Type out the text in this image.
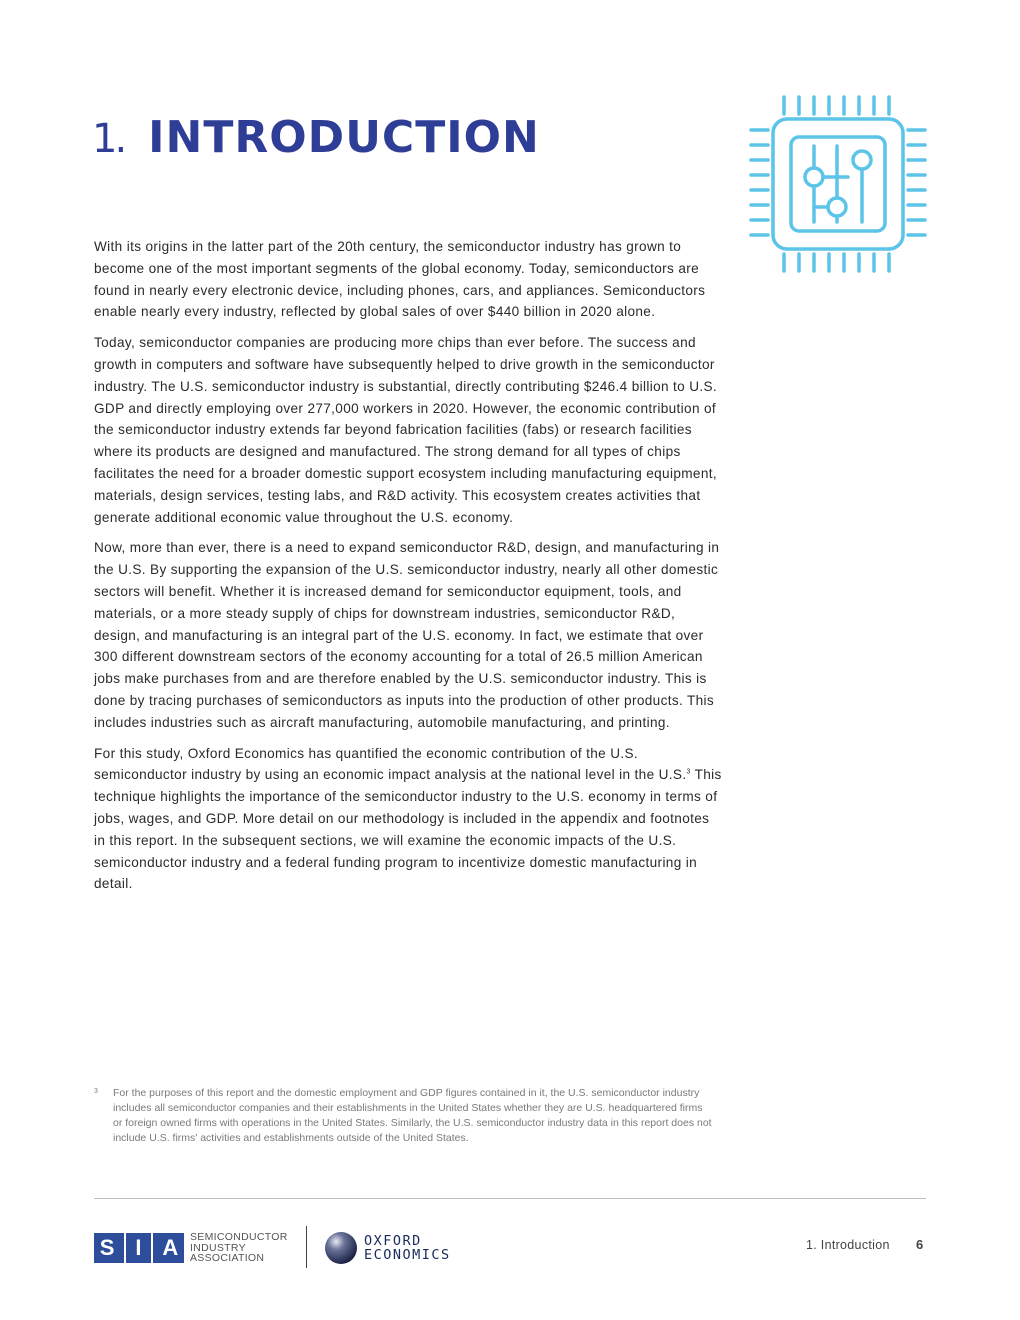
1. INTRODUCTION

With its origins in the latter part of the 20th century, the semiconductor industry has grown to become one of the most important segments of the global economy. Today, semiconductors are found in nearly every electronic device, including phones, cars, and appliances. Semiconductors enable nearly every industry, reflected by global sales of over $440 billion in 2020 alone.

Today, semiconductor companies are producing more chips than ever before. The success and growth in computers and software have subsequently helped to drive growth in the semiconductor industry. The U.S. semiconductor industry is substantial, directly contributing $246.4 billion to U.S. GDP and directly employing over 277,000 workers in 2020. However, the economic contribution of the semiconductor industry extends far beyond fabrication facilities (fabs) or research facilities where its products are designed and manufactured. The strong demand for all types of chips facilitates the need for a broader domestic support ecosystem including manufacturing equipment, materials, design services, testing labs, and R&D activity. This ecosystem creates activities that generate additional economic value throughout the U.S. economy.

Now, more than ever, there is a need to expand semiconductor R&D, design, and manufacturing in the U.S. By supporting the expansion of the U.S. semiconductor industry, nearly all other domestic sectors will benefit. Whether it is increased demand for semiconductor equipment, tools, and materials, or a more steady supply of chips for downstream industries, semiconductor R&D, design, and manufacturing is an integral part of the U.S. economy. In fact, we estimate that over 300 different downstream sectors of the economy accounting for a total of 26.5 million American jobs make purchases from and are therefore enabled by the U.S. semiconductor industry. This is done by tracing purchases of semiconductors as inputs into the production of other products. This includes industries such as aircraft manufacturing, automobile manufacturing, and printing.

For this study, Oxford Economics has quantified the economic contribution of the U.S. semiconductor industry by using an economic impact analysis at the national level in the U.S.$^3$ This technique highlights the importance of the semiconductor industry to the U.S. economy in terms of jobs, wages, and GDP. More detail on our methodology is included in the appendix and footnotes in this report. In the subsequent sections, we will examine the economic impacts of the U.S. semiconductor industry and a federal funding program to incentivize domestic manufacturing in detail.

3 For the purposes of this report and the domestic employment and GDP figures contained in it, the U.S. semiconductor industry includes all semiconductor companies and their establishments in the United States whether they are U.S. headquartered firms or foreign owned firms with operations in the United States. Similarly, the U.S. semiconductor industry data in this report does not include U.S. firms' activities and establishments outside of the United States.
S I A SEMICONDUCTOR
INDUSTRY
ASSOCIATION
OXFORD
ECONOMICS
1. Introduction 6
